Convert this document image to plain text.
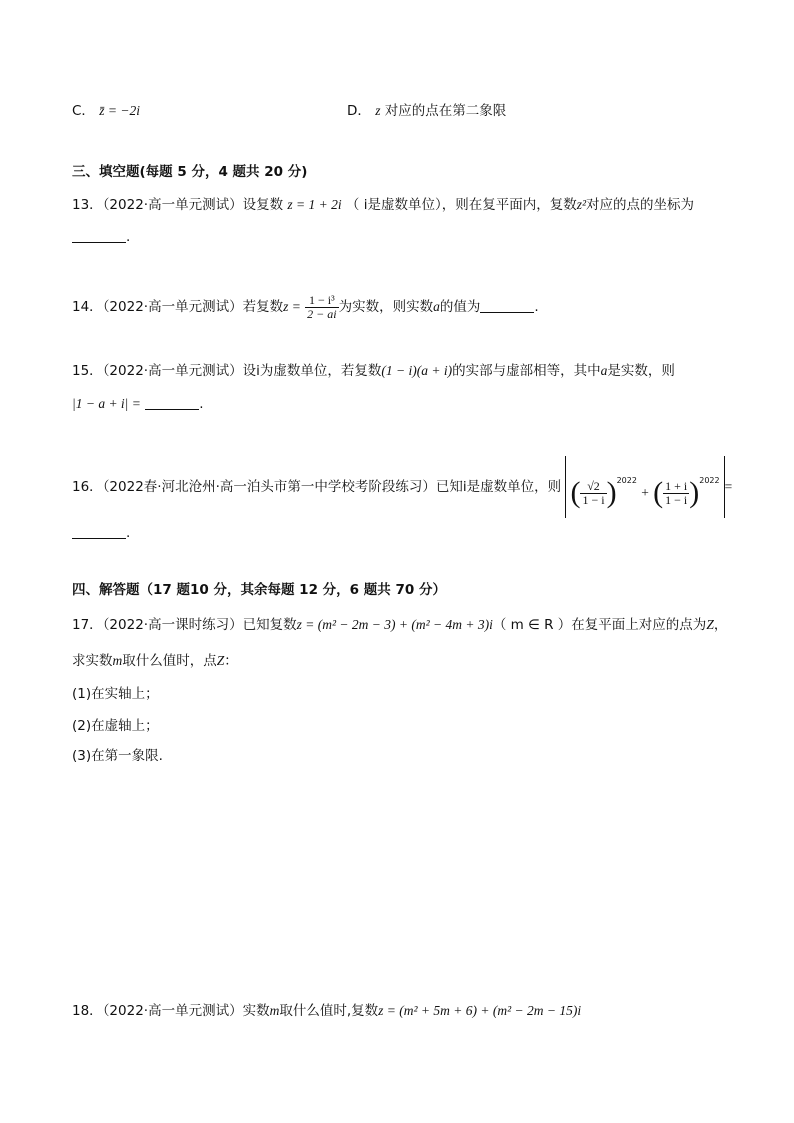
C． z̄ = −2i	D． z 对应的点在第二象限
三、填空题(每题 5 分，4 题共 20 分)
13．（2022·高一单元测试）设复数 z = 1 + 2i （ i是虚数单位），则在复平面内，复数z²对应的点的坐标为
.
14．（2022·高一单元测试）若复数$z = \frac{\text{1 − i³}}{2 - ai}$ 为实数，则实数a的值为	.
15．（2022·高一单元测试）设i为虚数单位，若复数(1 − i)(a + i)的实部与虚部相等，其中a是实数，则
|1 − a + i| =	.
16．（2022春·河北沧州·高一泊头市第一中学校考阶段练习）已知i是虚数单位，则 ( $\frac{√2}{1 - i} )^{2022}$ + ( $\frac{1 + i}{1 - i} )^{2022}$ =
.
四、解答题（17 题10 分，其余每题 12 分，6 题共 70 分）
17．（2022·高一课时练习）已知复数z = (m² − 2m − 3) + (m² − 4m + 3)i（ m ∈ R ）在复平面上对应的点为Z，
求实数m取什么值时，点Z：
(1)在实轴上；
(2)在虚轴上；
(3)在第一象限.
18．（2022·高一单元测试）实数m取什么值时,复数z = (m² + 5m + 6) + (m² − 2m − 15)i
